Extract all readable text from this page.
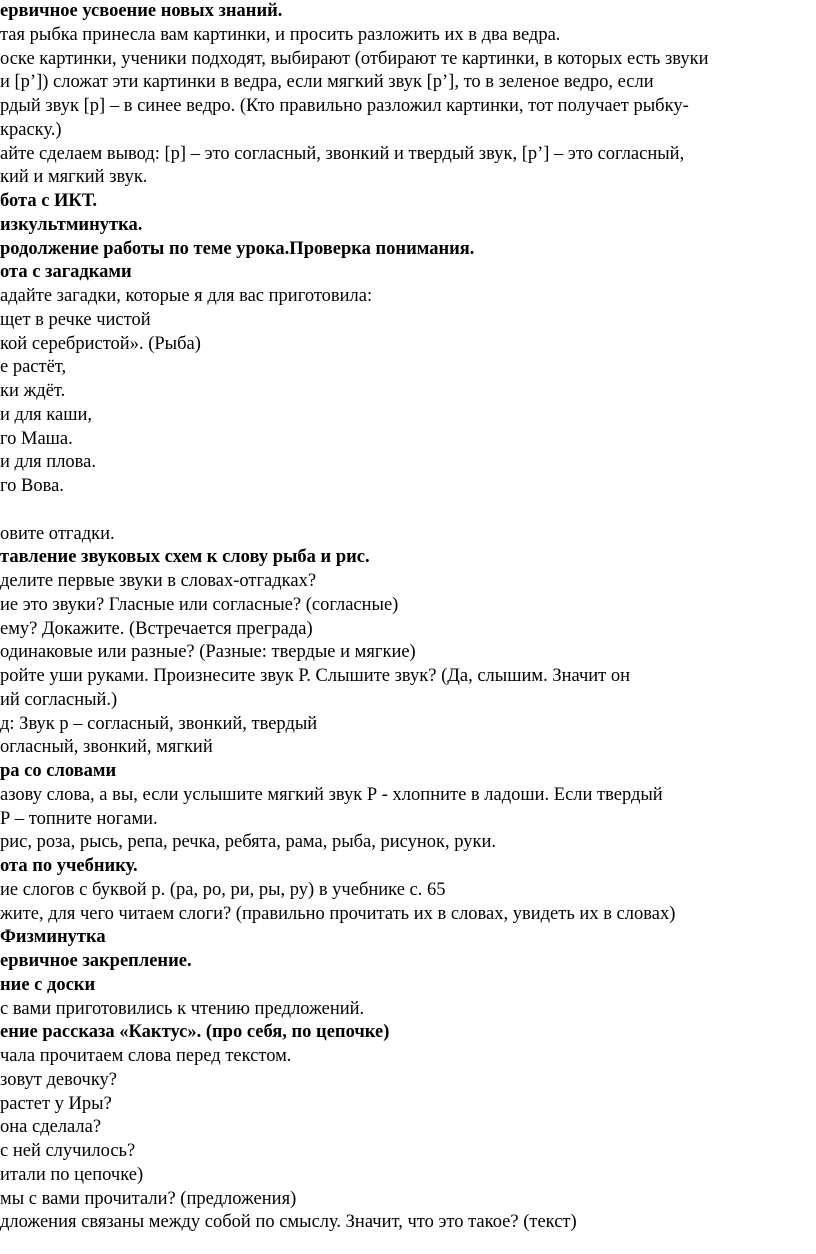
ервичное усвоение новых знаний.
тая рыбка принесла вам картинки, и просить разложить их в два ведра.
оске картинки, ученики подходят, выбирают (отбирают те картинки, в которых есть звуки
и [р’]) сложат эти картинки в ведра, если мягкий звук [р’], то в зеленое ведро, если
рдый звук [р] – в синее ведро. (Кто правильно разложил картинки, тот получает рыбку-
краску.)
айте сделаем вывод: [р] – это согласный, звонкий и твердый звук, [р’] – это согласный,
кий и мягкий звук.
бота с ИКТ.
изкультминутка.
родолжение работы по теме урока.Проверка понимания.
ота с загадками
адайте загадки, которые я для вас приготовила:
щет в речке чистой
кой серебристой». (Рыба)
е растёт,
ки ждёт.
и для каши,
го Маша.
и для плова.
го Вова.
овите отгадки.
тавление звуковых схем к слову рыба и рис.
делите первые звуки в словах-отгадках?
ие это звуки? Гласные или согласные? (согласные)
ему? Докажите. (Встречается преграда)
одинаковые или разные? (Разные: твердые и мягкие)
ройте уши руками. Произнесите звук Р. Слышите звук? (Да, слышим. Значит он
ий согласный.)
д: Звук р – согласный, звонкий, твердый
огласный, звонкий, мягкий
ра со словами
азову слова, а вы, если услышите мягкий звук Р - хлопните в ладоши. Если твердый
Р – топните ногами.
рис, роза, рысь, репа, речка, ребята, рама, рыба, рисунок, руки.
ота по учебнику.
ие слогов с буквой р. (ра, ро, ри, ры, ру) в учебнике с. 65
жите, для чего читаем слоги? (правильно прочитать их в словах, увидеть их в словах)
Физминутка
ервичное закрепление.
ние с доски
с вами приготовились к чтению предложений.
ение рассказа «Кактус». (про себя, по цепочке)
чала прочитаем слова перед текстом.
зовут девочку?
растет у Иры?
она сделала?
с ней случилось?
итали по цепочке)
мы с вами прочитали? (предложения)
дложения связаны между собой по смыслу. Значит, что это такое? (текст)
